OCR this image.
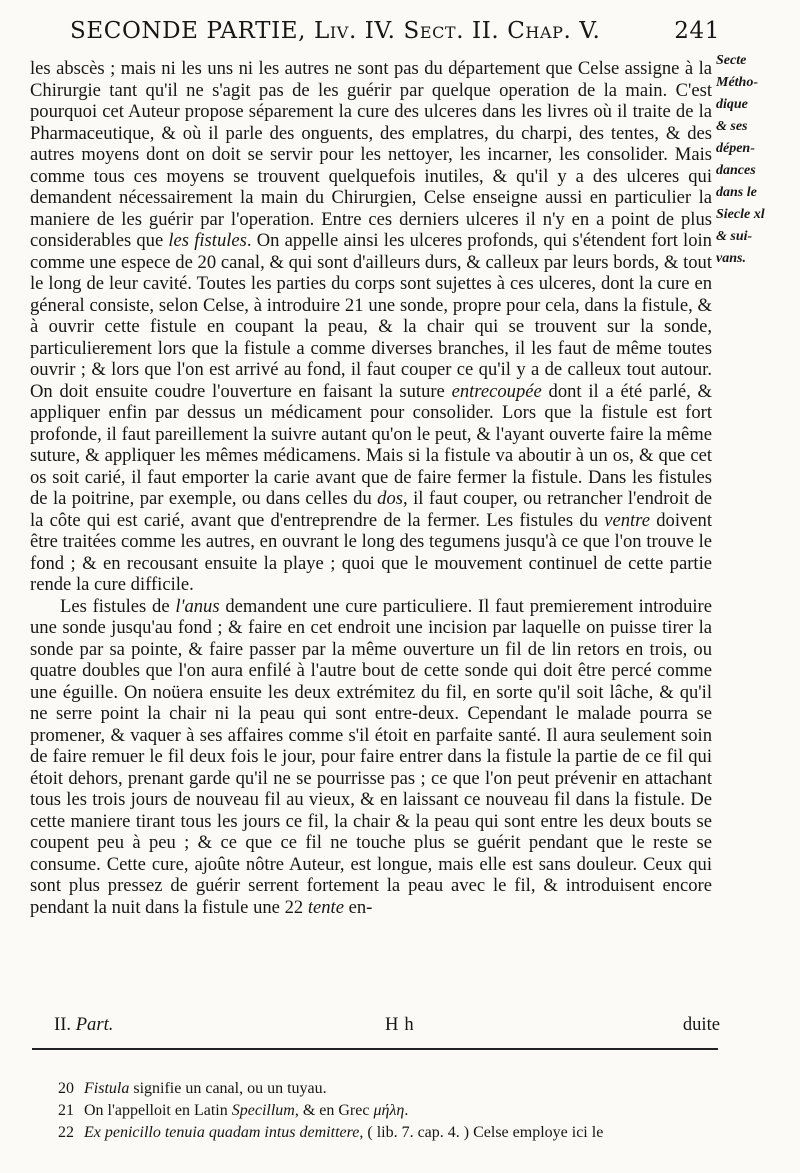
SECONDE PARTIE, Liv. IV. Sect. II. Chap. V.	241

les abscès ; mais ni les uns ni les autres ne sont pas du département que Celse assigne à la Chirurgie tant qu'il ne s'agit pas de les guérir par quelque operation de la main. C'est pourquoi cet Auteur propose séparement la cure des ulceres dans les livres où il traite de la Pharmaceutique, & où il parle des onguents, des emplatres, du charpi, des tentes, & des autres moyens dont on doit se servir pour les nettoyer, les incarner, les consolider. Mais comme tous ces moyens se trouvent quelquefois inutiles, & qu'il y a des ulceres qui demandent nécessairement la main du Chirurgien, Celse enseigne aussi en particulier la maniere de les guérir par l'operation. Entre ces derniers ulceres il n'y en a point de plus considerables que les fistules. On appelle ainsi les ulceres profonds, qui s'étendent fort loin comme une espece de 20 canal, & qui sont d'ailleurs durs, & calleux par leurs bords, & tout le long de leur cavité. Toutes les parties du corps sont sujettes à ces ulceres, dont la cure en géneral consiste, selon Celse, à introduire 21 une sonde, propre pour cela, dans la fistule, & à ouvrir cette fistule en coupant la peau, & la chair qui se trouvent sur la sonde, particulierement lors que la fistule a comme diverses branches, il les faut de même toutes ouvrir ; & lors que l'on est arrivé au fond, il faut couper ce qu'il y a de calleux tout autour. On doit ensuite coudre l'ouverture en faisant la suture entrecoupée dont il a été parlé, & appliquer enfin par dessus un médicament pour consolider. Lors que la fistule est fort profonde, il faut pareillement la suivre autant qu'on le peut, & l'ayant ouverte faire la même suture, & appliquer les mêmes médicamens. Mais si la fistule va aboutir à un os, & que cet os soit carié, il faut emporter la carie avant que de faire fermer la fistule. Dans les fistules de la poitrine, par exemple, ou dans celles du dos, il faut couper, ou retrancher l'endroit de la côte qui est carié, avant que d'entreprendre de la fermer. Les fistules du ventre doivent être traitées comme les autres, en ouvrant le long des tegumens jusqu'à ce que l'on trouve le fond ; & en recousant ensuite la playe ; quoi que le mouvement continuel de cette partie rende la cure difficile.

Les fistules de l'anus demandent une cure particuliere. Il faut premierement introduire une sonde jusqu'au fond ; & faire en cet endroit une incision par laquelle on puisse tirer la sonde par sa pointe, & faire passer par la même ouverture un fil de lin retors en trois, ou quatre doubles que l'on aura enfilé à l'autre bout de cette sonde qui doit être percé comme une éguille. On noüera ensuite les deux extrémitez du fil, en sorte qu'il soit lâche, & qu'il ne serre point la chair ni la peau qui sont entre-deux. Cependant le malade pourra se promener, & vaquer à ses affaires comme s'il étoit en parfaite santé. Il aura seulement soin de faire remuer le fil deux fois le jour, pour faire entrer dans la fistule la partie de ce fil qui étoit dehors, prenant garde qu'il ne se pourrisse pas ; ce que l'on peut prévenir en attachant tous les trois jours de nouveau fil au vieux, & en laissant ce nouveau fil dans la fistule. De cette maniere tirant tous les jours ce fil, la chair & la peau qui sont entre les deux bouts se coupent peu à peu ; & ce que ce fil ne touche plus se guérit pendant que le reste se consume. Cette cure, ajoûte nôtre Auteur, est longue, mais elle est sans douleur. Ceux qui sont plus pressez de guérir serrent fortement la peau avec le fil, & introduisent encore pendant la nuit dans la fistule une 22 tente en-

Secte
Métho-
dique
& ses
dépen-
dances
dans le
Siecle xl
& sui-
vans.
II. Part.	Hh	duite
20 Fistula signifie un canal, ou un tuyau.
21 On l'appelloit en Latin Specillum, & en Grec μήλη.
22 Ex penicillo tenuia quadam intus demittere, ( lib. 7. cap. 4. ) Celse employe ici le
